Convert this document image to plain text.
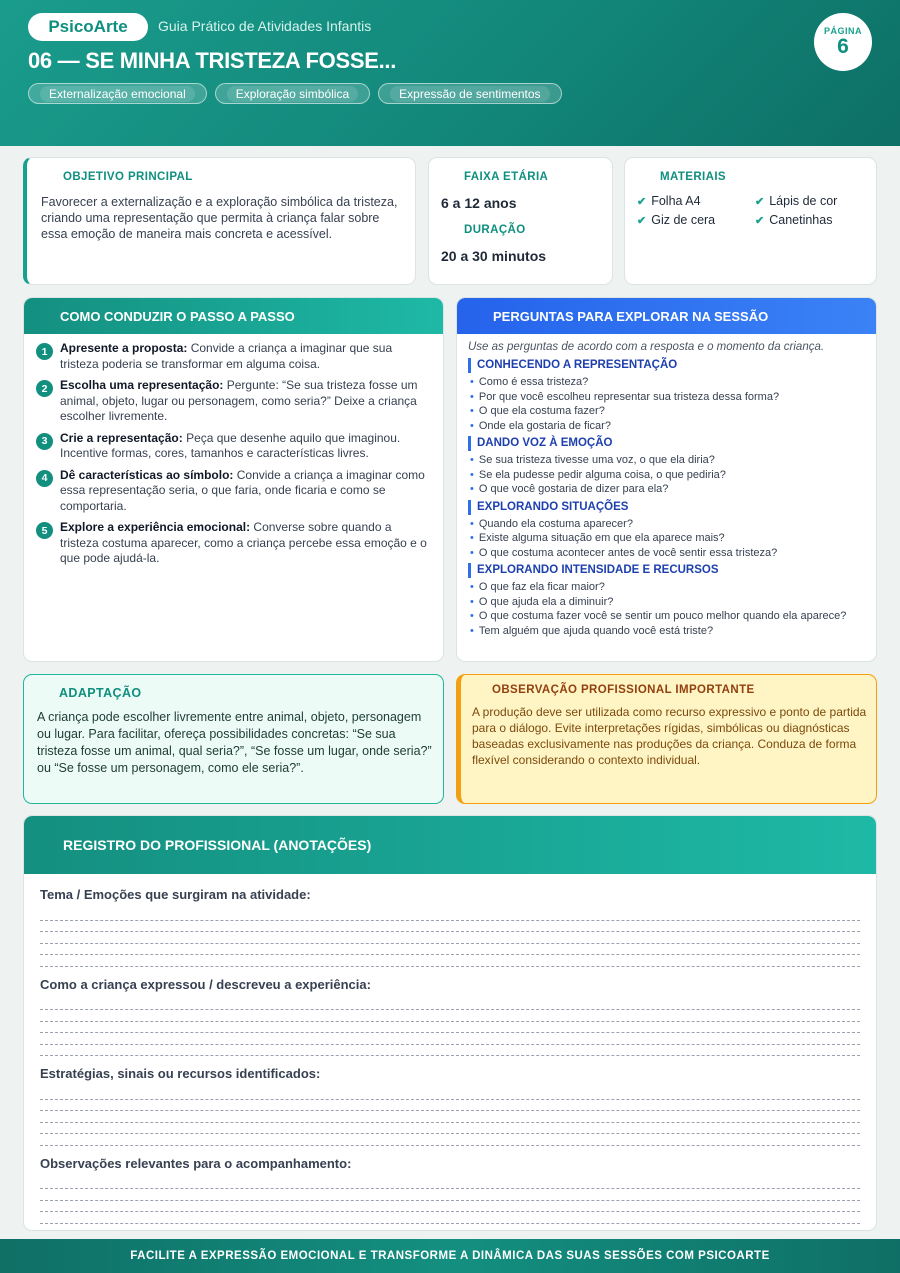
PsicoArte	Guia Prático de Atividades Infantis
06 — SE MINHA TRISTEZA FOSSE...
Externalização emocional	Exploração simbólica	Expressão de sentimentos
PÁGINA
6
OBJETIVO PRINCIPAL

Favorecer a externalização e a exploração simbólica da tristeza, criando uma representação que permita à criança falar sobre essa emoção de maneira mais concreta e acessível.

FAIXA ETÁRIA
6 a 12 anos
DURAÇÃO
20 a 30 minutos
MATERIAIS
✔ Folha A4	✔ Lápis de cor
✔ Giz de cera	✔ Canetinhas
COMO CONDUZIR O PASSO A PASSO
1	Apresente a proposta: Convide a criança a imaginar que sua tristeza poderia se transformar em alguma coisa.
2	Escolha uma representação: Pergunte: “Se sua tristeza fosse um animal, objeto, lugar ou personagem, como seria?” Deixe a criança escolher livremente.
3	Crie a representação: Peça que desenhe aquilo que imaginou. Incentive formas, cores, tamanhos e características livres.
4	Dê características ao símbolo: Convide a criança a imaginar como essa representação seria, o que faria, onde ficaria e como se comportaria.
5	Explore a experiência emocional: Converse sobre quando a tristeza costuma aparecer, como a criança percebe essa emoção e o que pode ajudá-la.
PERGUNTAS PARA EXPLORAR NA SESSÃO
Use as perguntas de acordo com a resposta e o momento da criança.
CONHECENDO A REPRESENTAÇÃO
• Como é essa tristeza?
• Por que você escolheu representar sua tristeza dessa forma?
• O que ela costuma fazer?
• Onde ela gostaria de ficar?
DANDO VOZ À EMOÇÃO
• Se sua tristeza tivesse uma voz, o que ela diria?
• Se ela pudesse pedir alguma coisa, o que pediria?
• O que você gostaria de dizer para ela?
EXPLORANDO SITUAÇÕES
• Quando ela costuma aparecer?
• Existe alguma situação em que ela aparece mais?
• O que costuma acontecer antes de você sentir essa tristeza?
EXPLORANDO INTENSIDADE E RECURSOS
• O que faz ela ficar maior?
• O que ajuda ela a diminuir?
• O que costuma fazer você se sentir um pouco melhor quando ela aparece?
• Tem alguém que ajuda quando você está triste?
ADAPTAÇÃO

A criança pode escolher livremente entre animal, objeto, personagem ou lugar. Para facilitar, ofereça possibilidades concretas: “Se sua tristeza fosse um animal, qual seria?”, “Se fosse um lugar, onde seria?” ou “Se fosse um personagem, como ele seria?”.

OBSERVAÇÃO PROFISSIONAL IMPORTANTE

A produção deve ser utilizada como recurso expressivo e ponto de partida para o diálogo. Evite interpretações rígidas, simbólicas ou diagnósticas baseadas exclusivamente nas produções da criança. Conduza de forma flexível considerando o contexto individual.

REGISTRO DO PROFISSIONAL (ANOTAÇÕES)
Tema / Emoções que surgiram na atividade:
Como a criança expressou / descreveu a experiência:
Estratégias, sinais ou recursos identificados:
Observações relevantes para o acompanhamento:
FACILITE A EXPRESSÃO EMOCIONAL E TRANSFORME A DINÂMICA DAS SUAS SESSÕES COM PSICOARTE
